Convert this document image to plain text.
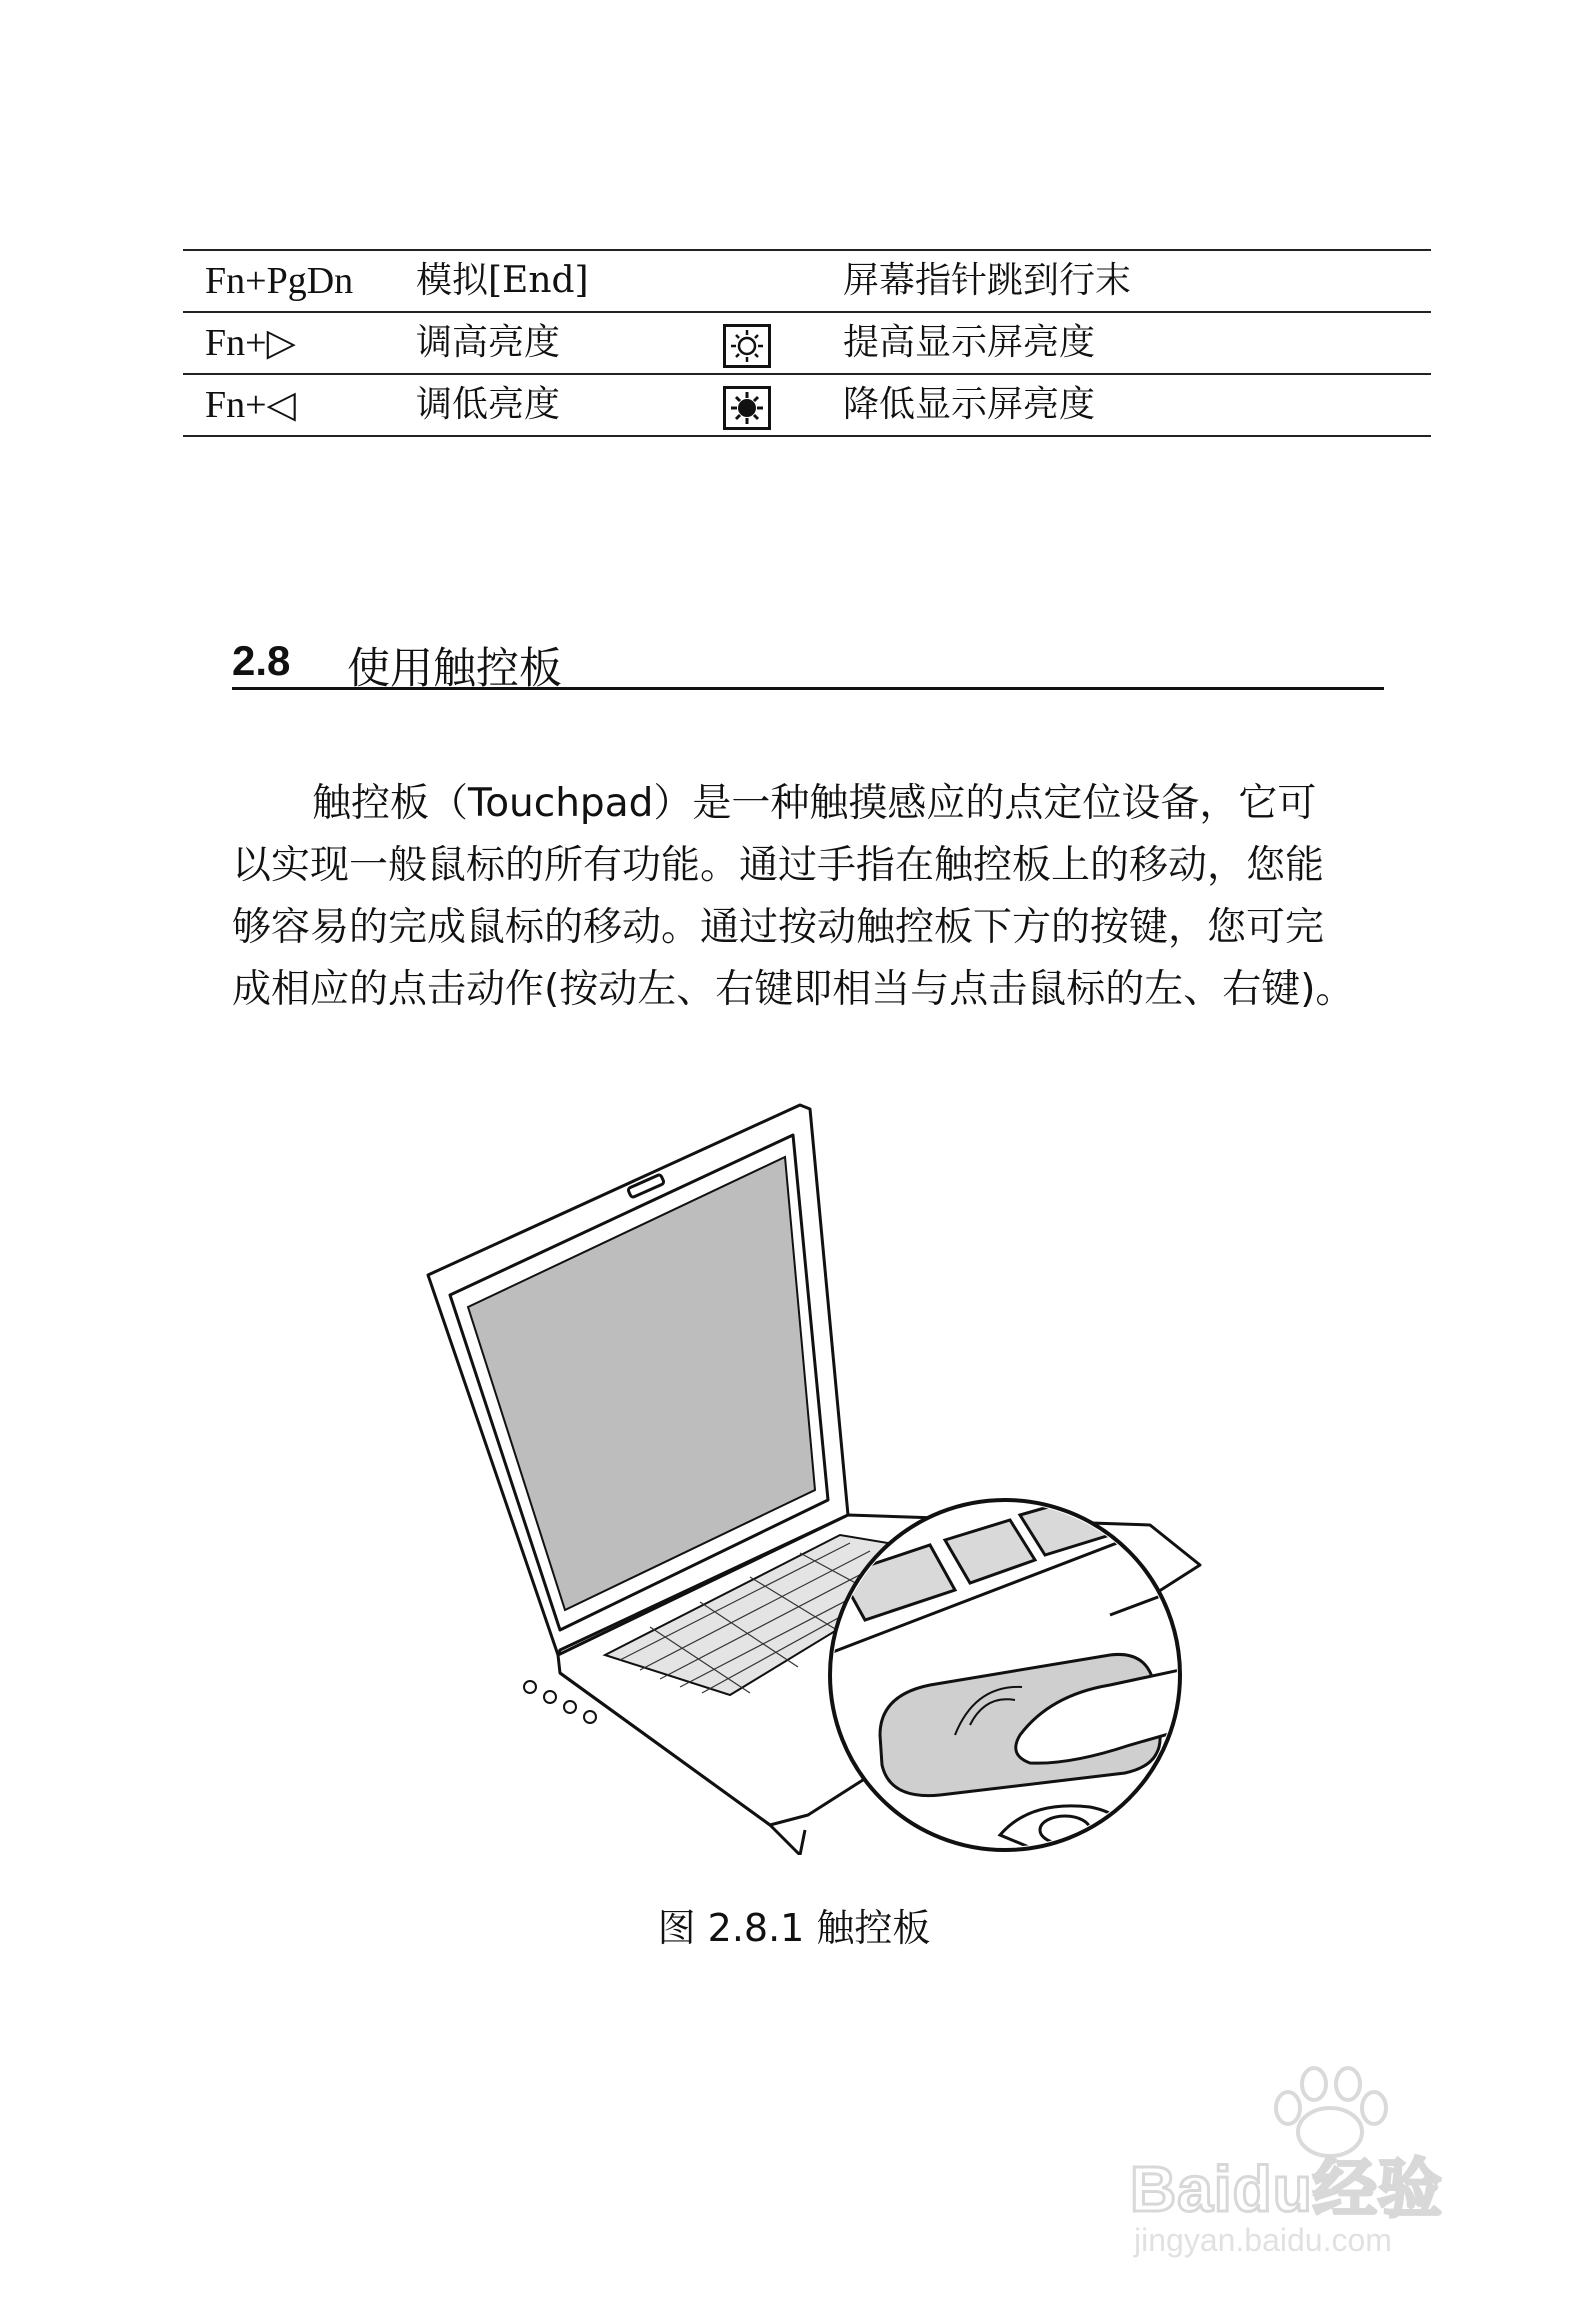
Fn+PgDn 模拟[End]	屏幕指针跳到行末
Fn+▷	调高亮度	提高显示屏亮度
Fn+◁	调低亮度	降低显示屏亮度
2.8 使用触控板
触控板（Touchpad）是一种触摸感应的点定位设备，它可
以实现一般鼠标的所有功能。通过手指在触控板上的移动，您能
够容易的完成鼠标的移动。通过按动触控板下方的按键，您可完
成相应的点击动作(按动左、右键即相当与点击鼠标的左、右键)。
图 2.8.1 触控板
Baidu经验
jingyan.baidu.com
